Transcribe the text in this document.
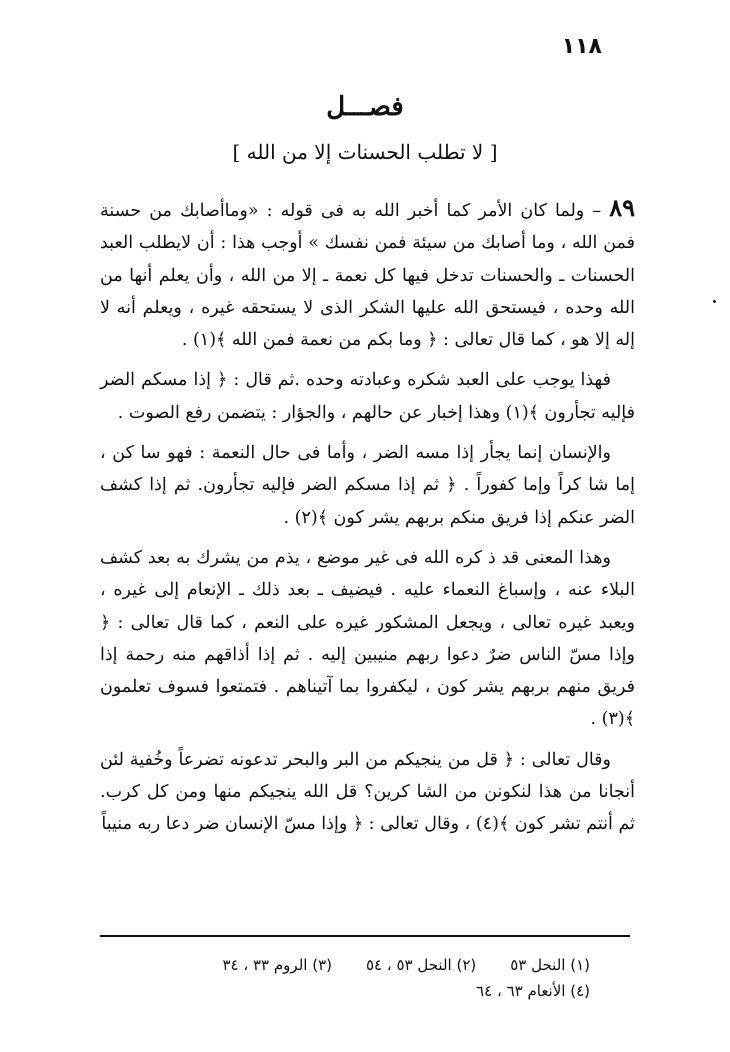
١١٨
فصـــل
[ لا تطلب الحسنات إلا من الله ]

٨٩ – ولما كان الأمر كما أخبر الله به فى قوله : «وماأصابك من حسنة فمن الله ، وما أصابك من سيئة فمن نفسك » أوجب هذا : أن لايطلب العبد الحسنات ـ والحسنات تدخل فيها كل نعمة ـ إلا من الله ، وأن يعلم أنها من الله وحده ، فيستحق الله عليها الشكر الذى لا يستحقه غيره ، ويعلم أنه لا إله إلا هو ، كما قال تعالى : ﴿ وما بكم من نعمة فمن الله ﴾(١) .

فهذا يوجب على العبد شكره وعبادته وحده .ثم قال : ﴿ إذا مسكم الضر فإليه تجأرون ﴾(١) وهذا إخبار عن حالهم ، والجؤار : يتضمن رفع الصوت .

والإنسان إنما يجأر إذا مسه الضر ، وأما فى حال النعمة : فهو سا كن ، إما شا كراً وإما كفوراً . ﴿ ثم إذا مسكم الضر فإليه تجأرون. ثم إذا كشف الضر عنكم إذا فريق منكم بربهم يشر كون ﴾(٢) .

وهذا المعنى قد ذ كره الله فى غير موضع ، يذم من يشرك به بعد كشف البلاء عنه ، وإسباغ النعماء عليه . فيضيف ـ بعد ذلك ـ الإنعام إلى غيره ، ويعبد غيره تعالى ، ويجعل المشكور غيره على النعم ، كما قال تعالى : ﴿ وإذا مسّ الناس ضرٌ دعوا ربهم منيبين إليه . ثم إذا أذاقهم منه رحمة إذا فريق منهم بربهم يشر كون ، ليكفروا بما آتيناهم . فتمتعوا فسوف تعلمون ﴾(٣) .

وقال تعالى : ﴿ قل من ينجيكم من البر والبحر تدعونه تضرعاً وخُفية لئن أنجانا من هذا لنكونن من الشا كرين؟ قل الله ينجيكم منها ومن كل كرب. ثم أنتم تشر كون ﴾(٤) ، وقال تعالى : ﴿ وإذا مسّ الإنسان ضر دعا ربه منيباً

(١) النحل ٥٣
(٢) النحل ٥٣ ، ٥٤
(٣) الروم ٣٣ ، ٣٤
(٤) الأنعام ٦٣ ، ٦٤
